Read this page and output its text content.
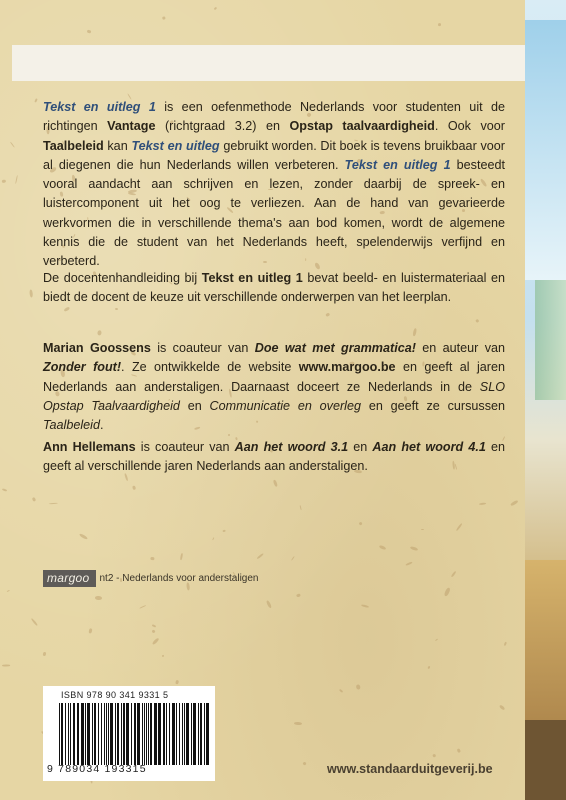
Tekst en uitleg 1 is een oefenmethode Nederlands voor studenten uit de richtingen Vantage (richtgraad 3.2) en Opstap taalvaardigheid. Ook voor Taalbeleid kan Tekst en uitleg gebruikt worden. Dit boek is tevens bruikbaar voor al diegenen die hun Nederlands willen verbeteren. Tekst en uitleg 1 besteedt vooral aandacht aan schrijven en lezen, zonder daarbij de spreek- en luistercomponent uit het oog te verliezen. Aan de hand van gevarieerde werkvormen die in verschillende thema's aan bod komen, wordt de algemene kennis die de student van het Nederlands heeft, spelenderwijs verfijnd en verbeterd.

De docentenhandleiding bij Tekst en uitleg 1 bevat beeld- en luistermateriaal en biedt de docent de keuze uit verschillende onderwerpen van het leerplan.

Marian Goossens is coauteur van Doe wat met grammatica! en auteur van Zonder fout!. Ze ontwikkelde de website www.margoo.be en geeft al jaren Nederlands aan anderstaligen. Daarnaast doceert ze Nederlands in de SLO Opstap Taalvaardigheid en Communicatie en overleg en geeft ze cursussen Taalbeleid.

Ann Hellemans is coauteur van Aan het woord 3.1 en Aan het woord 4.1 en geeft al verschillende jaren Nederlands aan anderstaligen.

margoo	nt2 - Nederlands voor anderstaligen
ISBN 978 90 341 9331 5
9 789034 193315	www.standaarduitgeverij.be
